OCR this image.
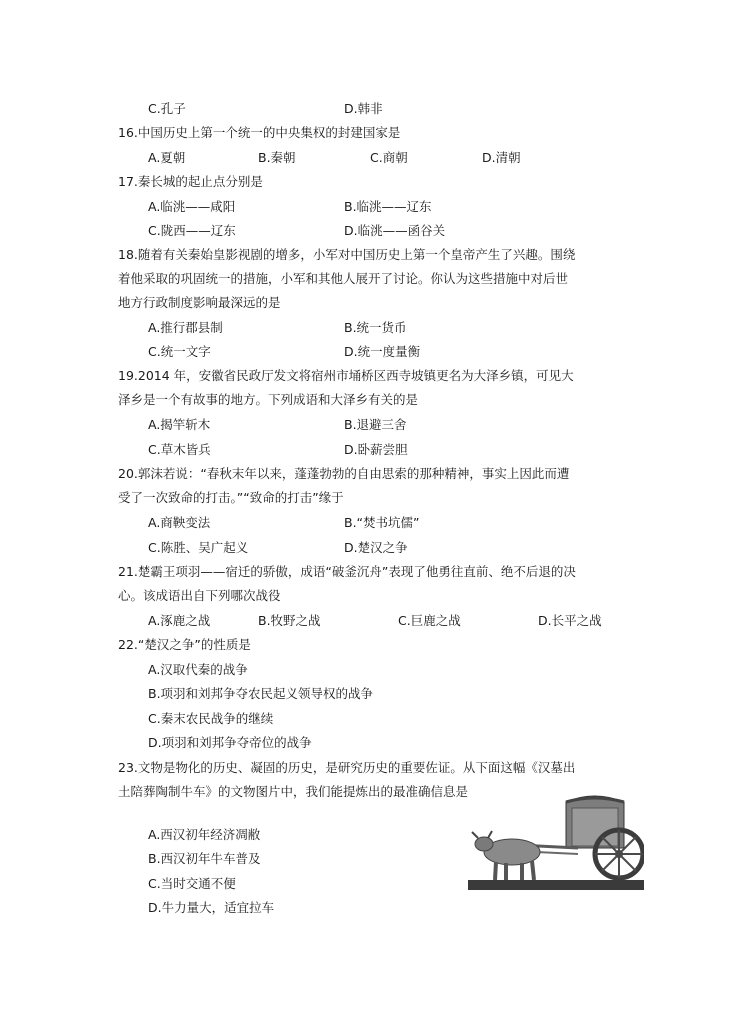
C.孔子	D.韩非
16.中国历史上第一个统一的中央集权的封建国家是
A.夏朝	B.秦朝	C.商朝	D.清朝
17.秦长城的起止点分别是
A.临洮——咸阳	B.临洮——辽东
C.陇西——辽东	D.临洮——函谷关
18.随着有关秦始皇影视剧的增多，小军对中国历史上第一个皇帝产生了兴趣。围绕
着他采取的巩固统一的措施，小军和其他人展开了讨论。你认为这些措施中对后世
地方行政制度影响最深远的是
A.推行郡县制	B.统一货币
C.统一文字	D.统一度量衡
19.2014 年，安徽省民政厅发文将宿州市埇桥区西寺坡镇更名为大泽乡镇，可见大
泽乡是一个有故事的地方。下列成语和大泽乡有关的是
A.揭竿斩木	B.退避三舍
C.草木皆兵	D.卧薪尝胆
20.郭沫若说：“春秋末年以来，蓬蓬勃勃的自由思索的那种精神，事实上因此而遭
受了一次致命的打击。”“致命的打击”缘于
A.商鞅变法	B.“焚书坑儒”
C.陈胜、吴广起义	D.楚汉之争
21.楚霸王项羽——宿迁的骄傲，成语“破釜沉舟”表现了他勇往直前、绝不后退的决
心。该成语出自下列哪次战役
A.涿鹿之战	B.牧野之战	C.巨鹿之战	D.长平之战
22.“楚汉之争”的性质是
A.汉取代秦的战争
B.项羽和刘邦争夺农民起义领导权的战争
C.秦末农民战争的继续
D.项羽和刘邦争夺帝位的战争
23.文物是物化的历史、凝固的历史，是研究历史的重要佐证。从下面这幅《汉墓出
土陪葬陶制牛车》的文物图片中，我们能提炼出的最准确信息是
A.西汉初年经济凋敝
B.西汉初年牛车普及
C.当时交通不便
D.牛力量大，适宜拉车
